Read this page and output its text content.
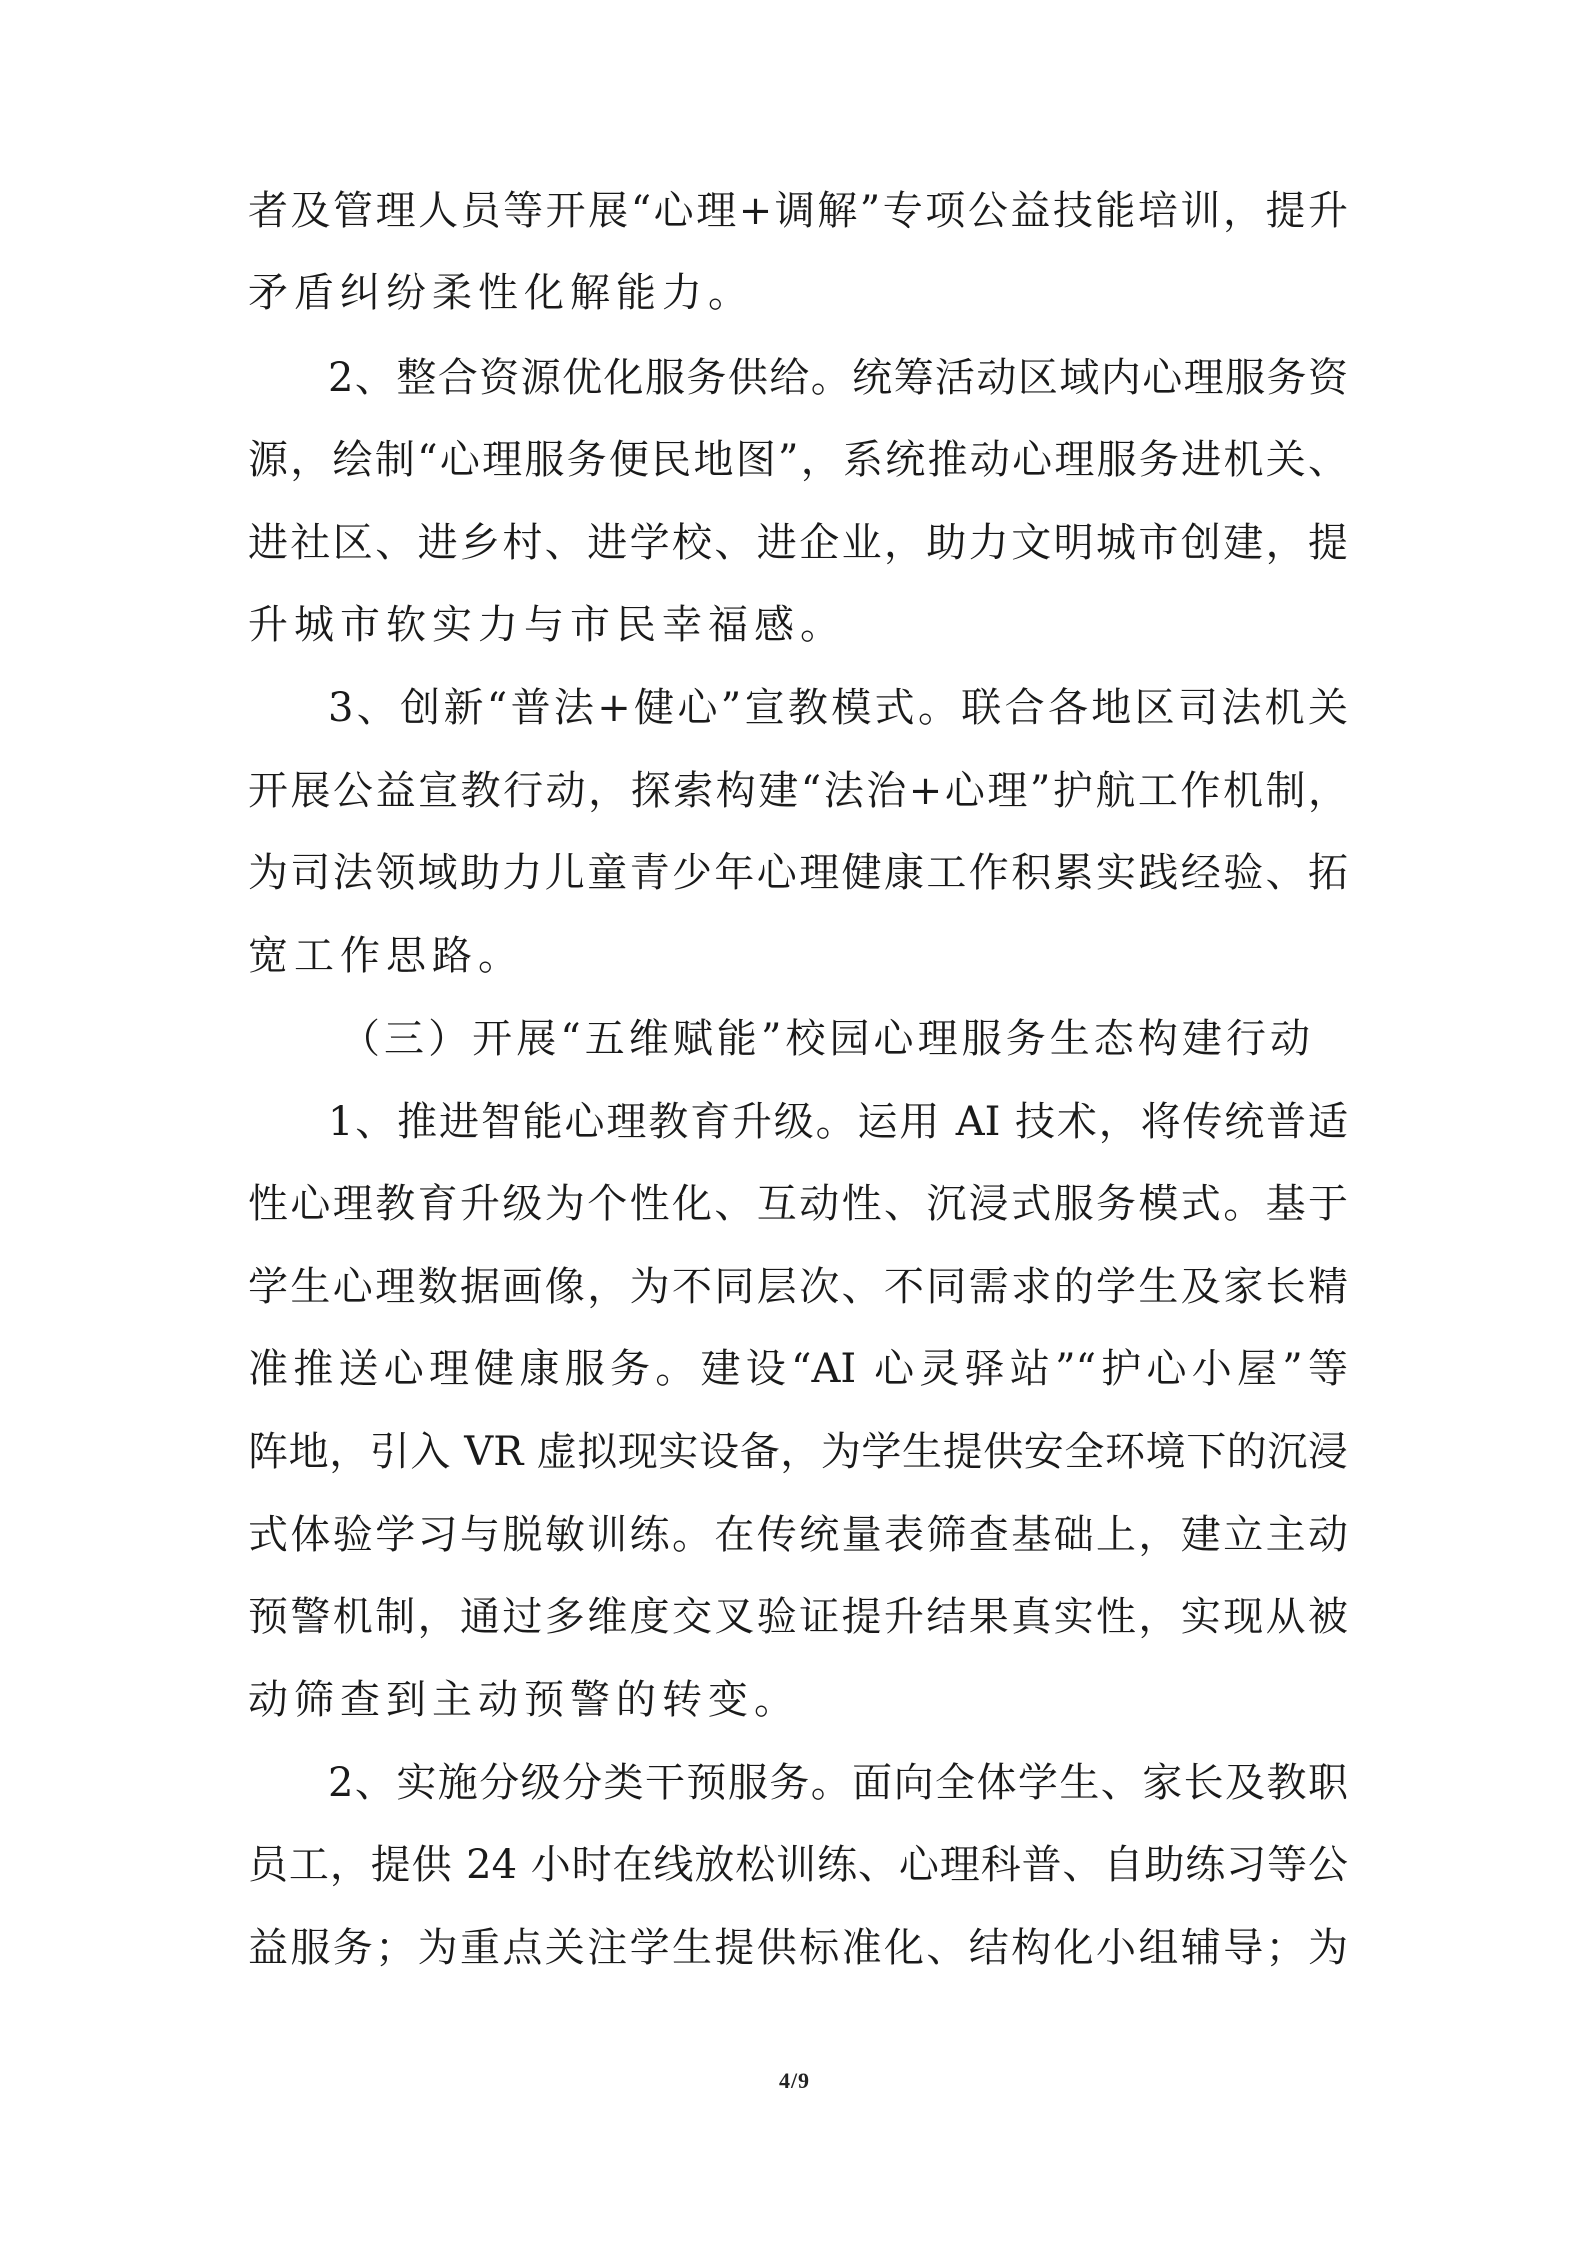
者及管理人员等开展“心理+调解”专项公益技能培训，提升
矛盾纠纷柔性化解能力。
2、整合资源优化服务供给。统筹活动区域内心理服务资
源，绘制“心理服务便民地图”，系统推动心理服务进机关、
进社区、进乡村、进学校、进企业，助力文明城市创建，提
升城市软实力与市民幸福感。
3、创新“普法+健心”宣教模式。联合各地区司法机关
开展公益宣教行动，探索构建“法治+心理”护航工作机制，
为司法领域助力儿童青少年心理健康工作积累实践经验、拓
宽工作思路。
（三）开展“五维赋能”校园心理服务生态构建行动
1、推进智能心理教育升级。运用 AI 技术，将传统普适
性心理教育升级为个性化、互动性、沉浸式服务模式。基于
学生心理数据画像，为不同层次、不同需求的学生及家长精
准推送心理健康服务。建设“AI 心灵驿站”“护心小屋”等
阵地，引入 VR 虚拟现实设备，为学生提供安全环境下的沉浸
式体验学习与脱敏训练。在传统量表筛查基础上，建立主动
预警机制，通过多维度交叉验证提升结果真实性，实现从被
动筛查到主动预警的转变。
2、实施分级分类干预服务。面向全体学生、家长及教职
员工，提供 24 小时在线放松训练、心理科普、自助练习等公
益服务；为重点关注学生提供标准化、结构化小组辅导；为
4/9
